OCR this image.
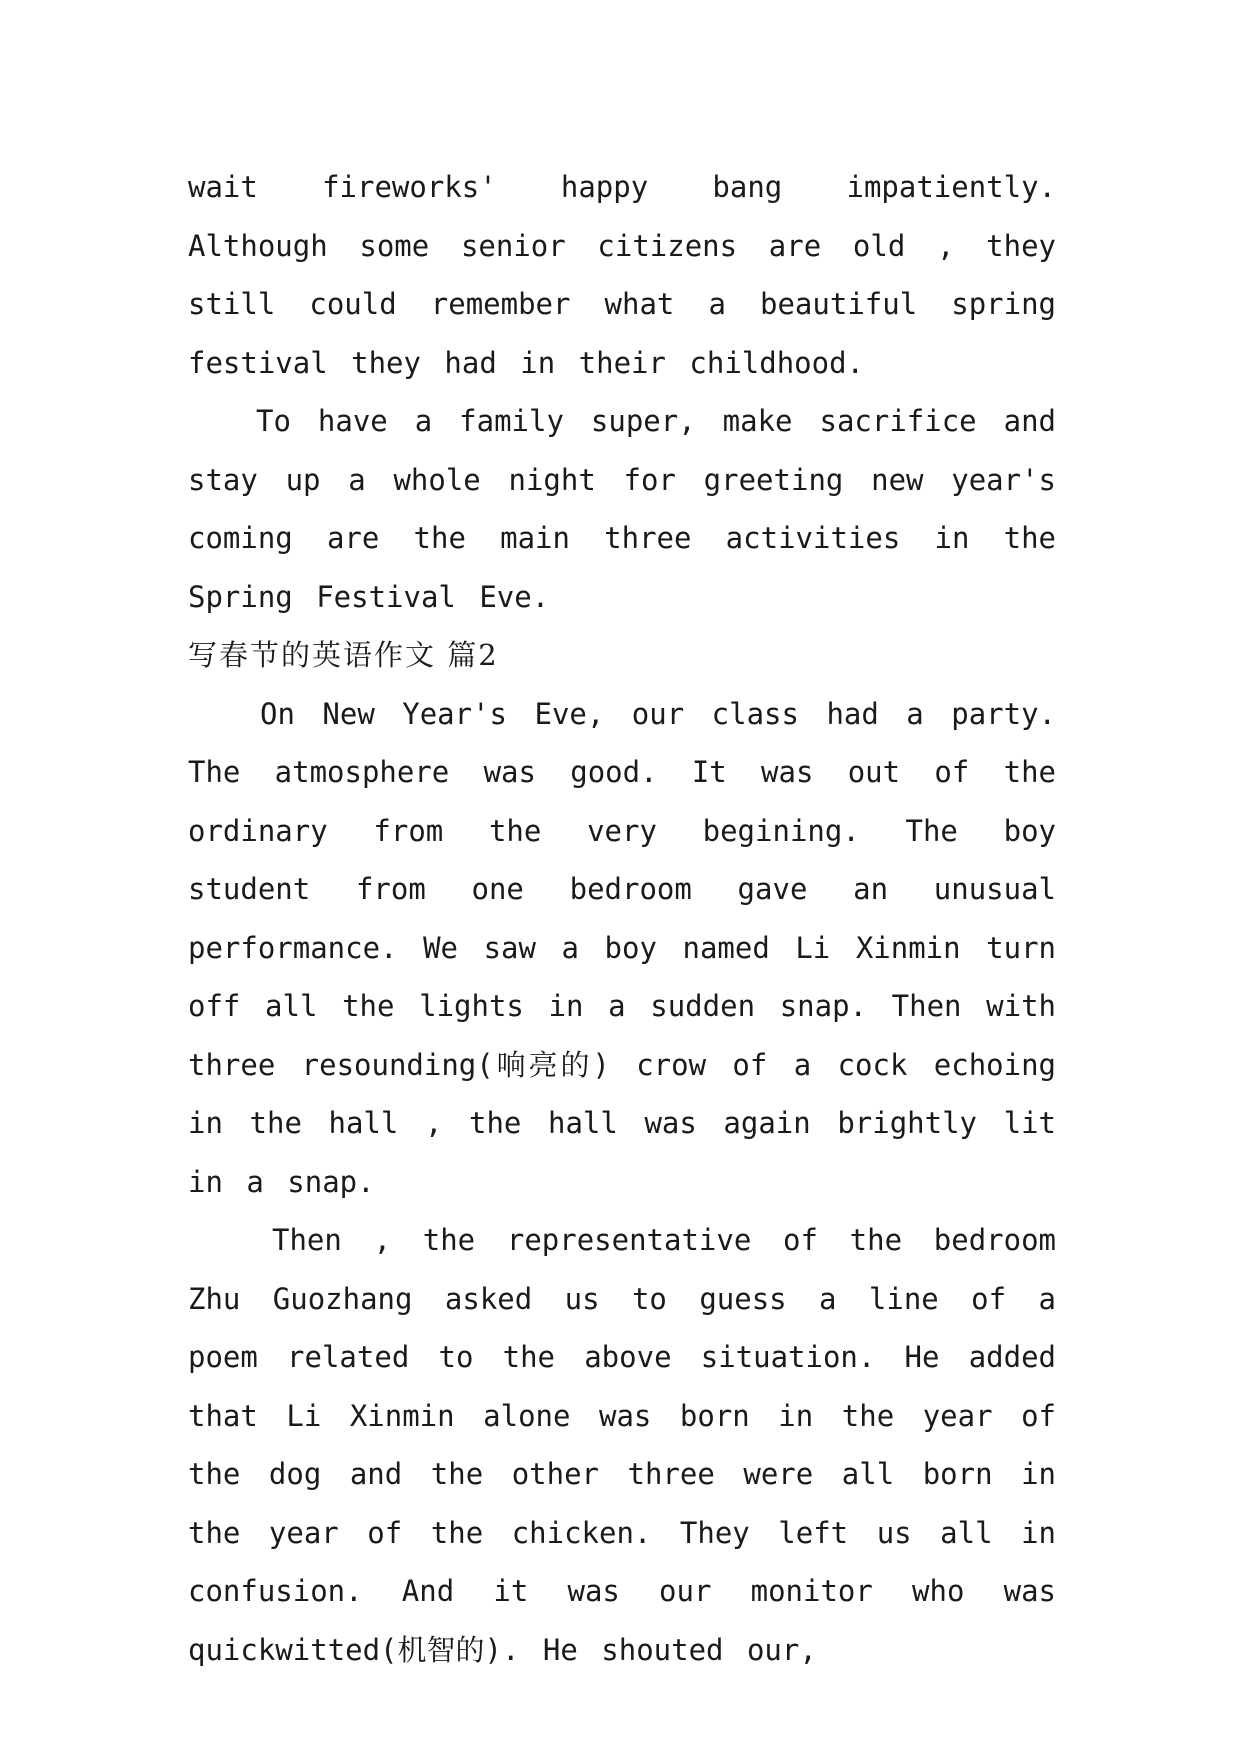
wait fireworks' happy bang impatiently. Although some senior citizens are old , they still could remember what a beautiful spring festival they had in their childhood.

To have a family super, make sacrifice and stay up a whole night for greeting new year's coming are the main three activities in the Spring Festival Eve.

写春节的英语作文 篇2

On New Year's Eve, our class had a party. The atmosphere was good. It was out of the ordinary from the very begining. The boy student from one bedroom gave an unusual performance. We saw a boy named Li Xinmin turn off all the lights in a sudden snap. Then with three resounding(响亮的) crow of a cock echoing in the hall , the hall was again brightly lit in a snap.

Then , the representative of the bedroom Zhu Guozhang asked us to guess a line of a poem related to the above situation. He added that Li Xinmin alone was born in the year of the dog and the other three were all born in the year of the chicken. They left us all in confusion. And it was our monitor who was quickwitted(机智的). He shouted our,
